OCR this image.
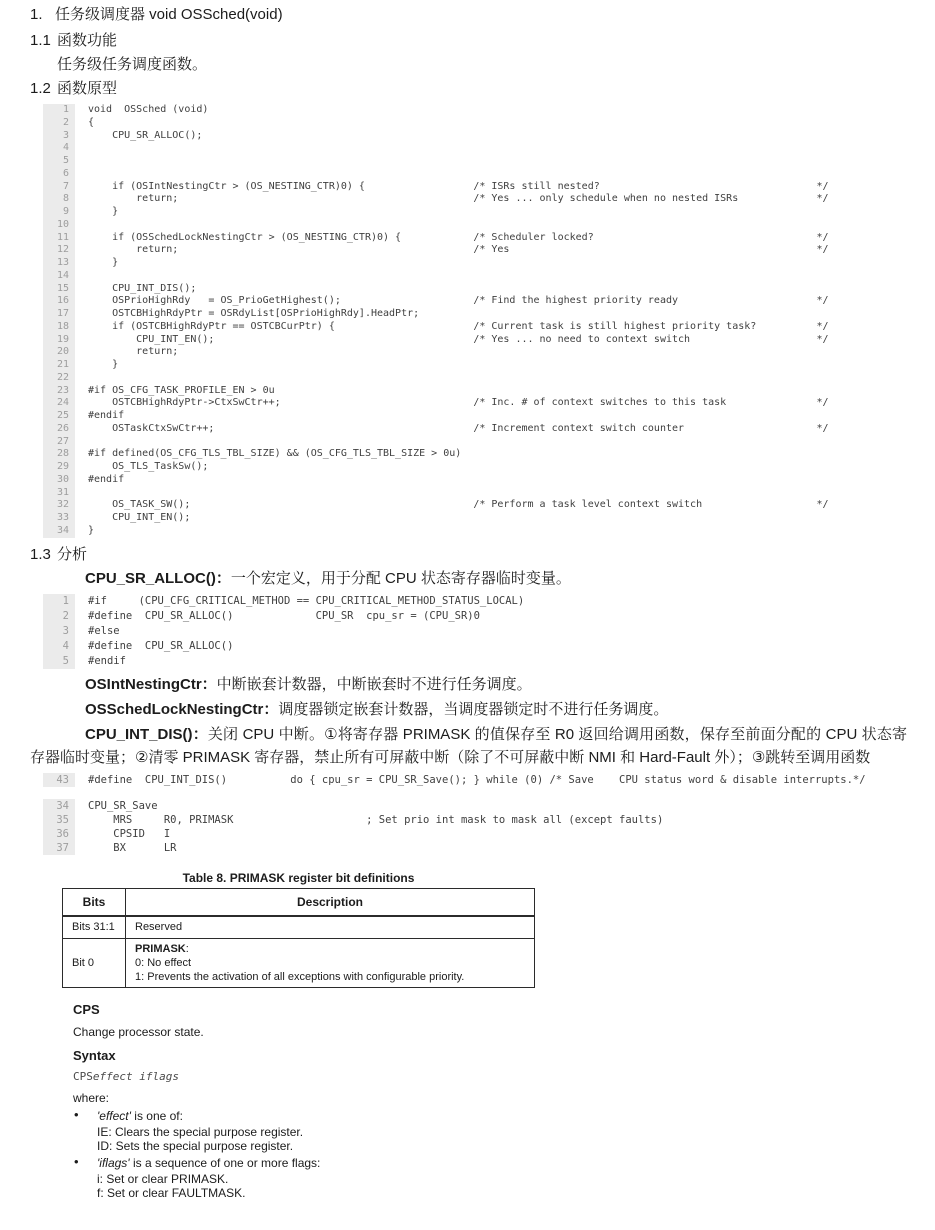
1. 任务级调度器 void OSSched(void)
1.1 函数功能
任务级任务调度函数。
1.2 函数原型
1
2
3
4
5
6
7
8
9
10
11
12
13
14
15
16
17
18
19
20
21
22
23
24
25
26
27
28
29
30
31
32
33
34
void  OSSched (void)
{
CPU_SR_ALLOC();

if (OSIntNestingCtr > (OS_NESTING_CTR)0) {                  /* ISRs still nested?                                    */
return;                                                 /* Yes ... only schedule when no nested ISRs             */
}

if (OSSchedLockNestingCtr > (OS_NESTING_CTR)0) {            /* Scheduler locked?                                     */
return;                                                 /* Yes                                                   */
}

CPU_INT_DIS();
OSPrioHighRdy   = OS_PrioGetHighest();                      /* Find the highest priority ready                       */
OSTCBHighRdyPtr = OSRdyList[OSPrioHighRdy].HeadPtr;
if (OSTCBHighRdyPtr == OSTCBCurPtr) {                       /* Current task is still highest priority task?          */
CPU_INT_EN();                                           /* Yes ... no need to context switch                     */
return;
}

#if OS_CFG_TASK_PROFILE_EN > 0u
OSTCBHighRdyPtr->CtxSwCtr++;                                /* Inc. # of context switches to this task               */
#endif
OSTaskCtxSwCtr++;                                           /* Increment context switch counter                      */

#if defined(OS_CFG_TLS_TBL_SIZE) && (OS_CFG_TLS_TBL_SIZE > 0u)
OS_TLS_TaskSw();
#endif

OS_TASK_SW();                                               /* Perform a task level context switch                   */
CPU_INT_EN();
}
1.3 分析

CPU_SR_ALLOC()：一个宏定义，用于分配 CPU 状态寄存器临时变量。

1
2
3
4
5
#if     (CPU_CFG_CRITICAL_METHOD == CPU_CRITICAL_METHOD_STATUS_LOCAL)
#define  CPU_SR_ALLOC()             CPU_SR  cpu_sr = (CPU_SR)0
#else
#define  CPU_SR_ALLOC()
#endif

OSIntNestingCtr：中断嵌套计数器，中断嵌套时不进行任务调度。

OSSchedLockNestingCtr：调度器锁定嵌套计数器，当调度器锁定时不进行任务调度。

CPU_INT_DIS()：关闭 CPU 中断。①将寄存器 PRIMASK 的值保存至 R0 返回给调用函数，保存至前面分配的 CPU 状态寄存器临时变量；②清零 PRIMASK 寄存器，禁止所有可屏蔽中断（除了不可屏蔽中断 NMI 和 Hard-Fault 外）；③跳转至调用函数

43 #define  CPU_INT_DIS()          do { cpu_sr = CPU_SR_Save(); } while (0) /* Save    CPU status word & disable interrupts.*/
34
35
36
37
CPU_SR_Save
MRS     R0, PRIMASK                     ; Set prio int mask to mask all (except faults)
CPSID   I
BX      LR
Table 8. PRIMASK register bit definitions
Bits	Description
Bits 31:1	Reserved
Bit 0	PRIMASK:
0: No effect
1: Prevents the activation of all exceptions with configurable priority.
CPS

Change processor state.

Syntax

CPSeffect iflags

where:

• 'effect' is one of:
IE: Clears the special purpose register.
ID: Sets the special purpose register.
• 'iflags' is a sequence of one or more flags:
i: Set or clear PRIMASK.
f: Set or clear FAULTMASK.
